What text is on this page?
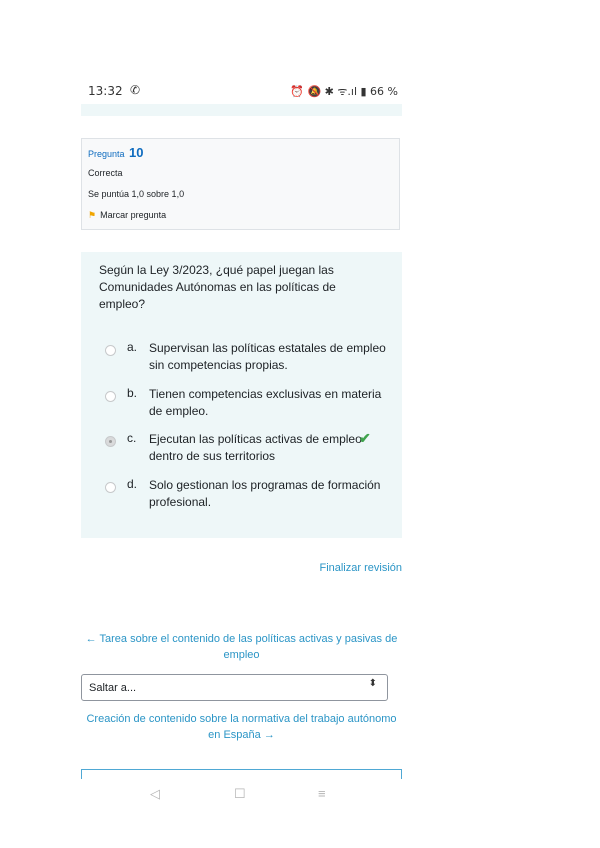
13:32 ✆	⏰ 🔕 ✱ ᯤ.ıl ▮ 66 %
Pregunta 10
Correcta
Se puntúa 1,0 sobre 1,0
⚑ Marcar pregunta
Según la Ley 3/2023, ¿qué papel juegan las Comunidades Autónomas en las políticas de empleo?
a. Supervisan las políticas estatales de empleo sin competencias propias.
b. Tienen competencias exclusivas en materia de empleo.
c. Ejecutan las políticas activas de empleo dentro de sus territorios
✔
d. Solo gestionan los programas de formación profesional.
Finalizar revisión
← Tarea sobre el contenido de las políticas activas y pasivas de empleo
Saltar a...	⬍
Creación de contenido sobre la normativa del trabajo autónomo en España →
◁	☐	≡
